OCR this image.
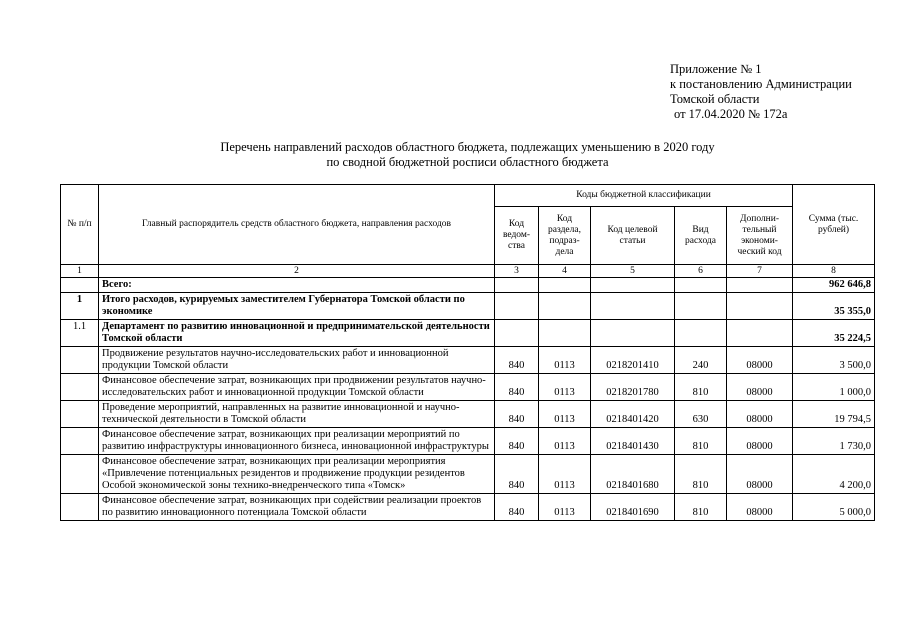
Приложение № 1
к постановлению Администрации
Томской области
от 17.04.2020 № 172а
Перечень направлений расходов областного бюджета, подлежащих уменьшению в 2020 году
по сводной бюджетной росписи областного бюджета
№ п/п	Главный распорядитель средств областного бюджета, направления расходов	Коды бюджетной классификации					Сумма (тыс. рублей)
		Код ведом-ства	Код раздела, подраз-дела	Код целевой статьи	Вид расхода	Дополни-тельный экономи-ческий код	
1	2	3	4	5	6	7	8
	Всего:						962 646,8
1	Итого расходов, курируемых заместителем Губернатора Томской области по экономике						35 355,0
1.1	Департамент по развитию инновационной и предпринимательской деятельности Томской области						35 224,5
	Продвижение результатов научно-исследовательских работ и инновационной продукции Томской области	840	0113	0218201410	240	08000	3 500,0
	Финансовое обеспечение затрат, возникающих при продвижении результатов научно-исследовательских работ и инновационной продукции Томской области	840	0113	0218201780	810	08000	1 000,0
	Проведение мероприятий, направленных на развитие инновационной и научно-технической деятельности в Томской области	840	0113	0218401420	630	08000	19 794,5
	Финансовое обеспечение затрат, возникающих при реализации мероприятий по развитию инфраструктуры инновационного бизнеса, инновационной инфраструктуры	840	0113	0218401430	810	08000	1 730,0
	Финансовое обеспечение затрат, возникающих при реализации мероприятия «Привлечение потенциальных резидентов и продвижение продукции резидентов Особой экономической зоны технико-внедренческого типа «Томск»	840	0113	0218401680	810	08000	4 200,0
	Финансовое обеспечение затрат, возникающих при содействии реализации проектов по развитию инновационного потенциала Томской области	840	0113	0218401690	810	08000	5 000,0
